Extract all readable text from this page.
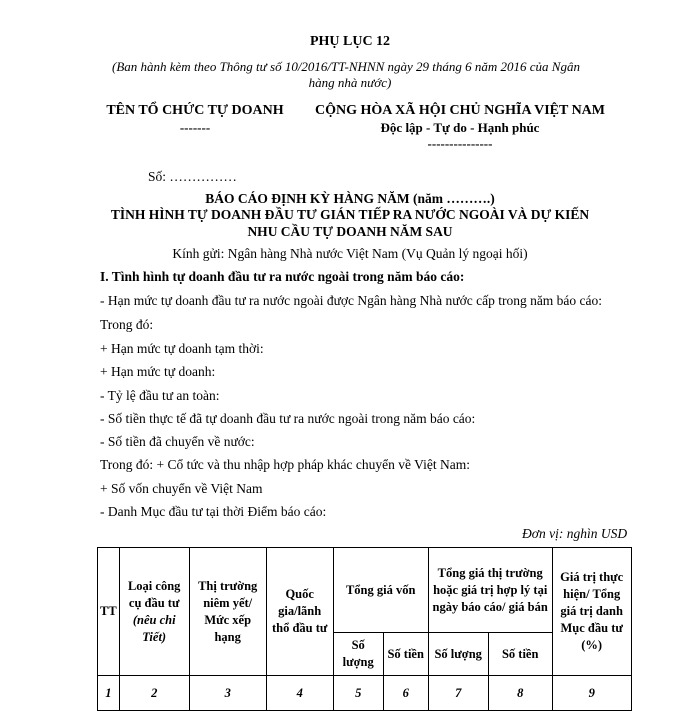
PHỤ LỤC 12
(Ban hành kèm theo Thông tư số 10/2016/TT-NHNN ngày 29 tháng 6 năm 2016 của Ngân
hàng nhà nước)
TÊN TỔ CHỨC TỰ DOANH
-------
CỘNG HÒA XÃ HỘI CHỦ NGHĨA VIỆT NAM
Độc lập - Tự do - Hạnh phúc
---------------
Số: ……………
BÁO CÁO ĐỊNH KỲ HÀNG NĂM (năm ……….)
TÌNH HÌNH TỰ DOANH ĐẦU TƯ GIÁN TIẾP RA NƯỚC NGOÀI VÀ DỰ KIẾN
NHU CẦU TỰ DOANH NĂM SAU
Kính gửi: Ngân hàng Nhà nước Việt Nam (Vụ Quản lý ngoại hối)
I. Tình hình tự doanh đầu tư ra nước ngoài trong năm báo cáo:
- Hạn mức tự doanh đầu tư ra nước ngoài được Ngân hàng Nhà nước cấp trong năm báo cáo:
Trong đó:
+ Hạn mức tự doanh tạm thời:
+ Hạn mức tự doanh:
- Tỷ lệ đầu tư an toàn:
- Số tiền thực tế đã tự doanh đầu tư ra nước ngoài trong năm báo cáo:
- Số tiền đã chuyển về nước:
Trong đó: + Cổ tức và thu nhập hợp pháp khác chuyển về Việt Nam:
+ Số vốn chuyển về Việt Nam
- Danh Mục đầu tư tại thời Điểm báo cáo:
Đơn vị: nghìn USD
TT	Loại công cụ đầu tư (nêu chi Tiết)	Thị trường niêm yết/ Mức xếp hạng	Quốc gia/lãnh thổ đầu tư	Tổng giá vốn		Tổng giá thị trường hoặc giá trị hợp lý tại ngày báo cáo/ giá bán		Giá trị thực hiện/ Tổng giá trị danh Mục đầu tư (%)
				Số lượng	Số tiền	Số lượng	Số tiền	
1	2	3	4	5	6	7	8	9
